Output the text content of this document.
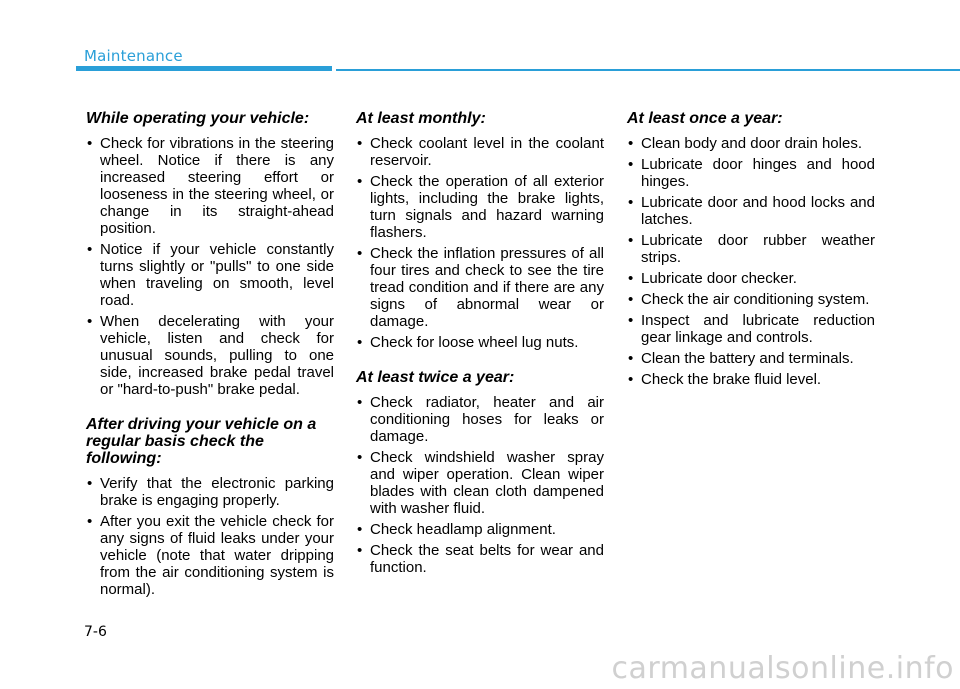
Maintenance
While operating your vehicle:
• Check for vibrations in the steering wheel. Notice if there is any increased steering effort or looseness in the steering wheel, or change in its straight-ahead position.
• Notice if your vehicle constantly turns slightly or "pulls" to one side when traveling on smooth, level road.
• When decelerating with your vehicle, listen and check for unusual sounds, pulling to one side, increased brake pedal travel or "hard-to-push" brake pedal.
After driving your vehicle on a regular basis check the following:
• Verify that the electronic parking brake is engaging properly.
• After you exit the vehicle check for any signs of fluid leaks under your vehicle (note that water dripping from the air conditioning system is normal).
At least monthly:
• Check coolant level in the coolant reservoir.
• Check the operation of all exterior lights, including the brake lights, turn signals and hazard warning flashers.
• Check the inflation pressures of all four tires and check to see the tire tread condition and if there are any signs of abnormal wear or damage.
• Check for loose wheel lug nuts.
At least twice a year:
• Check radiator, heater and air conditioning hoses for leaks or damage.
• Check windshield washer spray and wiper operation. Clean wiper blades with clean cloth dampened with washer fluid.
• Check headlamp alignment.
• Check the seat belts for wear and function.
At least once a year:
• Clean body and door drain holes.
• Lubricate door hinges and hood hinges.
• Lubricate door and hood locks and latches.
• Lubricate door rubber weather strips.
• Lubricate door checker.
• Check the air conditioning system.
• Inspect and lubricate reduction gear linkage and controls.
• Clean the battery and terminals.
• Check the brake fluid level.
7-6
carmanualsonline.info
